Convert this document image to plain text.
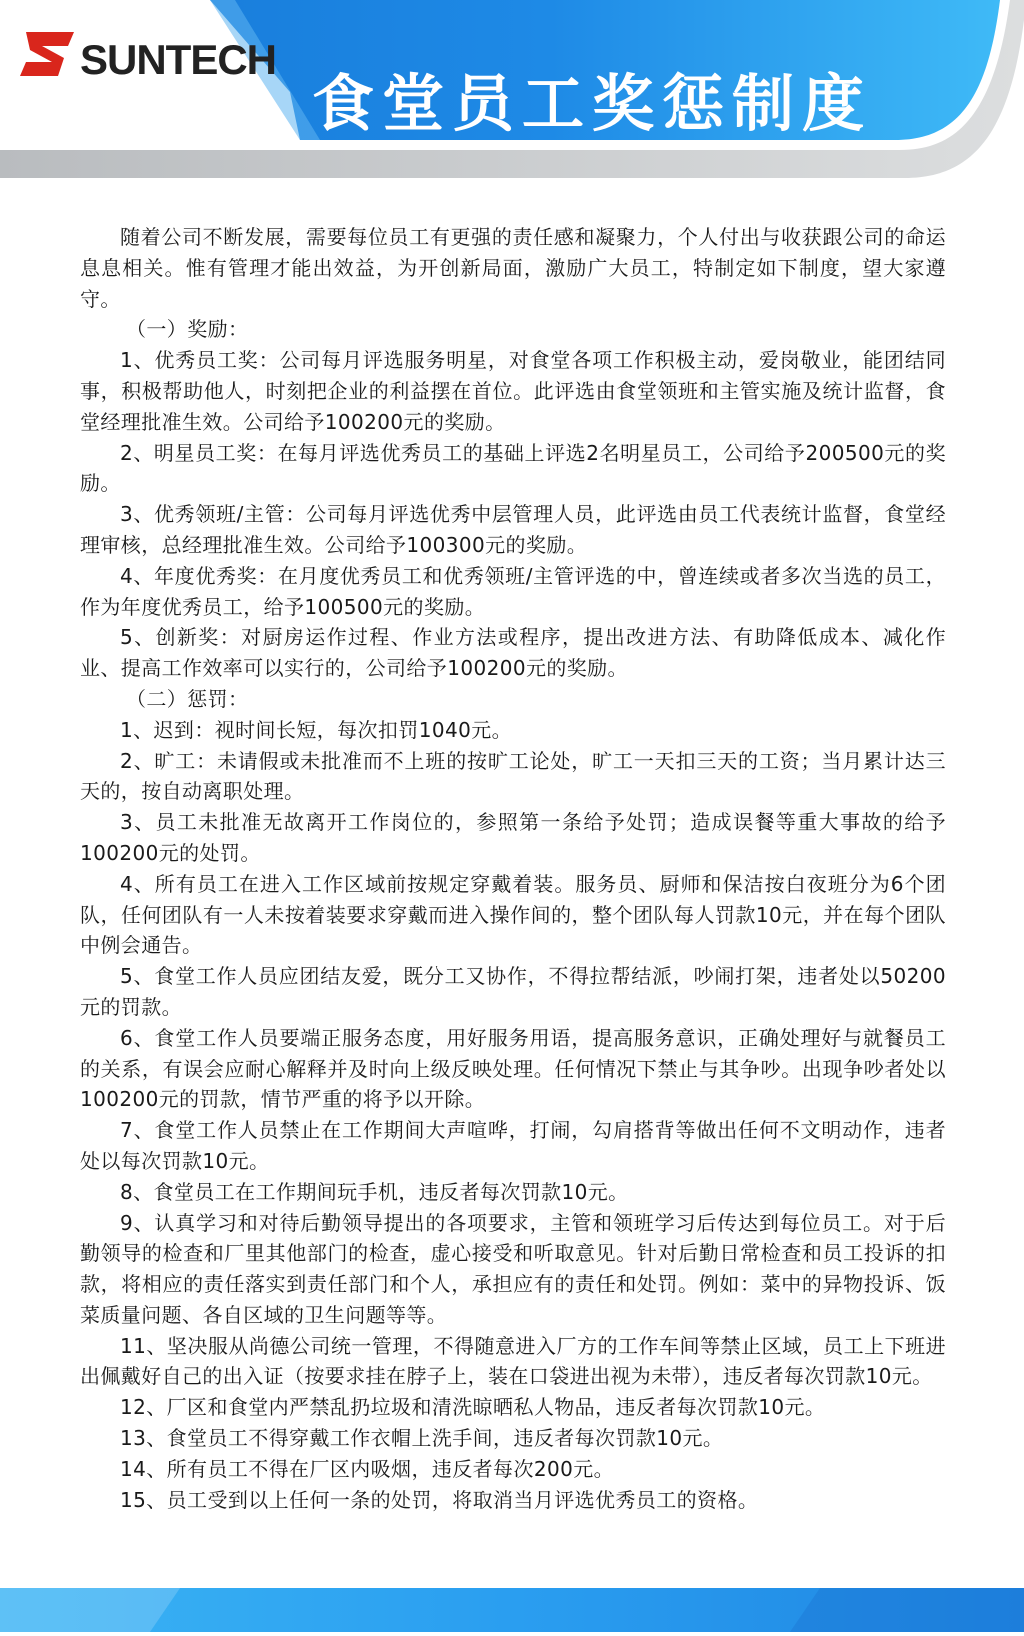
SUNTECH
食堂员工奖惩制度

随着公司不断发展，需要每位员工有更强的责任感和凝聚力，个人付出与收获跟公司的命运息息相关。惟有管理才能出效益，为开创新局面，激励广大员工，特制定如下制度，望大家遵守。

（一）奖励：

1、优秀员工奖：公司每月评选服务明星，对食堂各项工作积极主动，爱岗敬业，能团结同事，积极帮助他人，时刻把企业的利益摆在首位。此评选由食堂领班和主管实施及统计监督，食堂经理批准生效。公司给予100200元的奖励。

2、明星员工奖：在每月评选优秀员工的基础上评选2名明星员工，公司给予200500元的奖励。

3、优秀领班/主管：公司每月评选优秀中层管理人员，此评选由员工代表统计监督，食堂经理审核，总经理批准生效。公司给予100300元的奖励。

4、年度优秀奖：在月度优秀员工和优秀领班/主管评选的中，曾连续或者多次当选的员工，作为年度优秀员工，给予100500元的奖励。

5、创新奖：对厨房运作过程、作业方法或程序，提出改进方法、有助降低成本、减化作业、提高工作效率可以实行的，公司给予100200元的奖励。

（二）惩罚：

1、迟到：视时间长短，每次扣罚1040元。

2、旷工：未请假或未批准而不上班的按旷工论处，旷工一天扣三天的工资；当月累计达三天的，按自动离职处理。

3、员工未批准无故离开工作岗位的，参照第一条给予处罚；造成误餐等重大事故的给予100200元的处罚。

4、所有员工在进入工作区域前按规定穿戴着装。服务员、厨师和保洁按白夜班分为6个团队，任何团队有一人未按着装要求穿戴而进入操作间的，整个团队每人罚款10元，并在每个团队中例会通告。

5、食堂工作人员应团结友爱，既分工又协作，不得拉帮结派，吵闹打架，违者处以50200元的罚款。

6、食堂工作人员要端正服务态度，用好服务用语，提高服务意识，正确处理好与就餐员工的关系，有误会应耐心解释并及时向上级反映处理。任何情况下禁止与其争吵。出现争吵者处以100200元的罚款，情节严重的将予以开除。

7、食堂工作人员禁止在工作期间大声喧哗，打闹，勾肩搭背等做出任何不文明动作，违者处以每次罚款10元。

8、食堂员工在工作期间玩手机，违反者每次罚款10元。

9、认真学习和对待后勤领导提出的各项要求，主管和领班学习后传达到每位员工。对于后勤领导的检查和厂里其他部门的检查，虚心接受和听取意见。针对后勤日常检查和员工投诉的扣款，将相应的责任落实到责任部门和个人，承担应有的责任和处罚。例如：菜中的异物投诉、饭菜质量问题、各自区域的卫生问题等等。

11、坚决服从尚德公司统一管理，不得随意进入厂方的工作车间等禁止区域，员工上下班进出佩戴好自己的出入证（按要求挂在脖子上，装在口袋进出视为未带），违反者每次罚款10元。

12、厂区和食堂内严禁乱扔垃圾和清洗晾晒私人物品，违反者每次罚款10元。

13、食堂员工不得穿戴工作衣帽上洗手间，违反者每次罚款10元。

14、所有员工不得在厂区内吸烟，违反者每次200元。

15、员工受到以上任何一条的处罚，将取消当月评选优秀员工的资格。
